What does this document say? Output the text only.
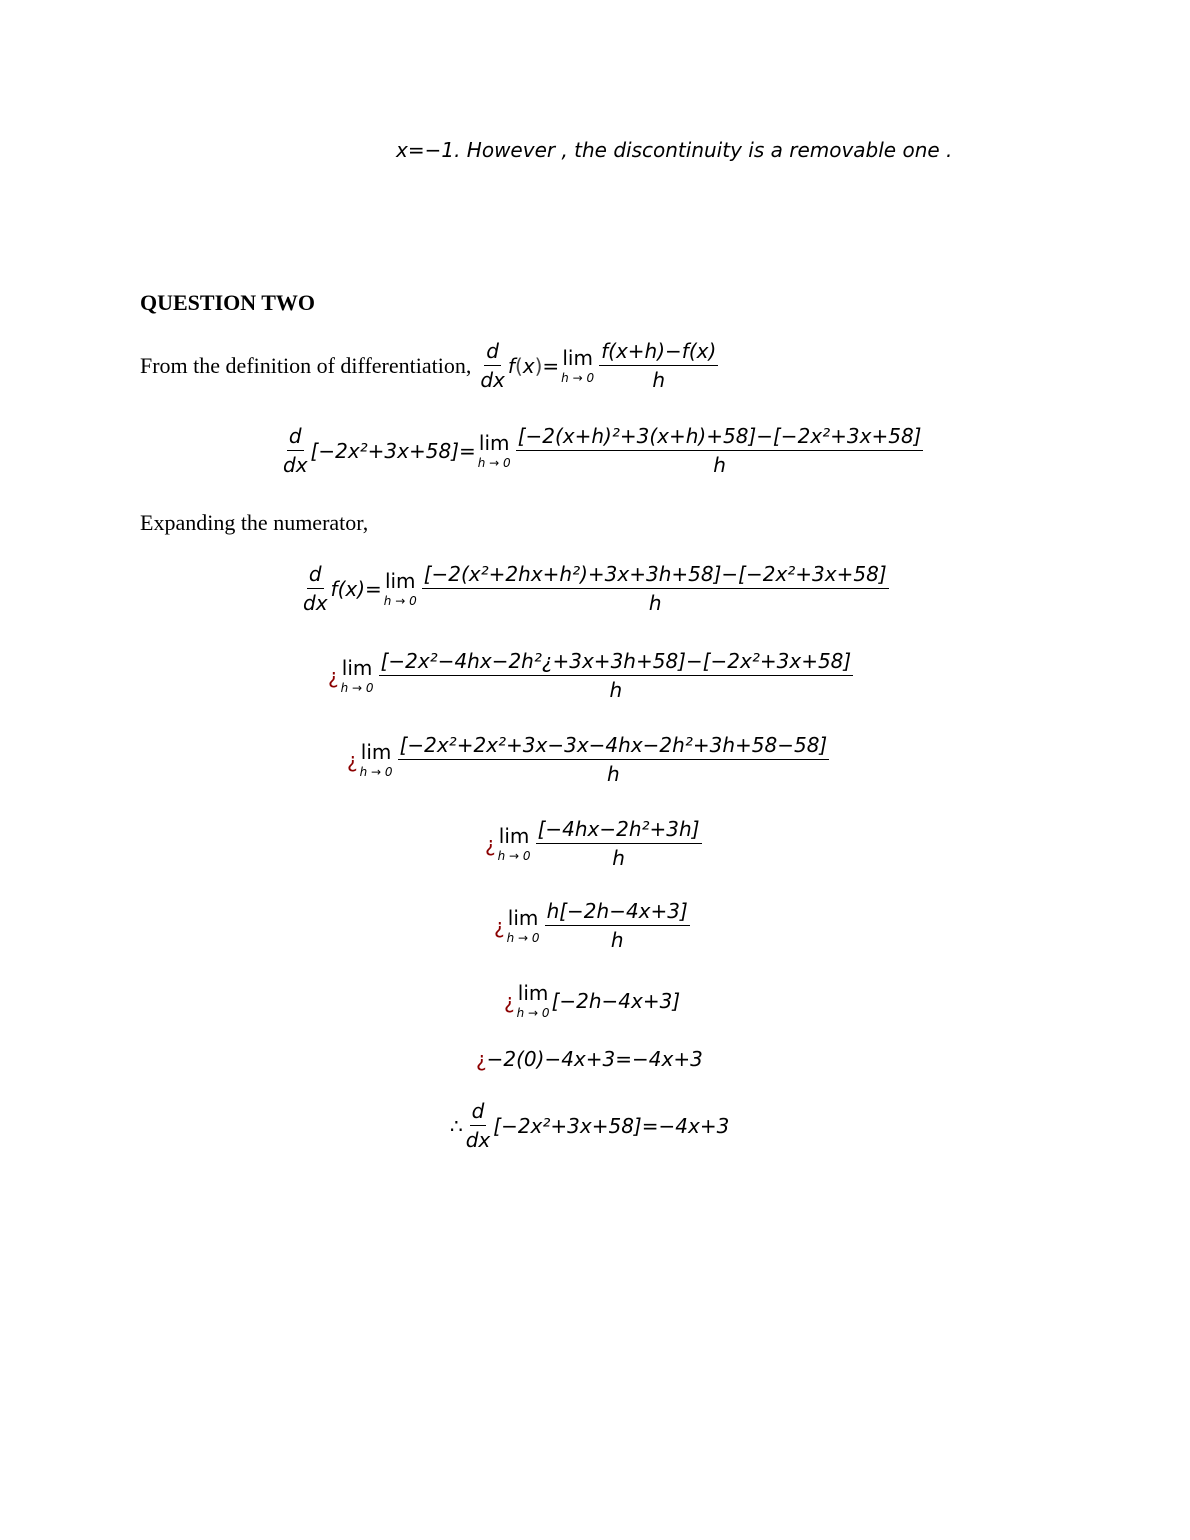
x=−1. However , the discontinuity is a removable one .
QUESTION TWO
From the definition of differentiation, $\frac{d}{dx}$ f ( x ) = lim
$h \to 0 \frac{f(x+h)-f(x)}{h}$
$\frac{d}{dx} [-2x^2+3x+58]= \lim$
$h \to 0 \frac{\text{[−2(x+h)²+3(x+h)+58]−[−2x²+3x+58]}}{h}$
Expanding the numerator,
$\frac{d}{dx} f(x)= \lim$
$h \to 0 \frac{\text{[−2(x²+2hx+h²)+3x+3h+58]−[−2x²+3x+58]}}{h}$
¿ lim
$h \to 0 \frac{\text{[−2x²−4hx−2h²¿+3x+3h+58]−[−2x²+3x+58]}}{h}$
¿ lim
$h \to 0 \frac{\text{[−2x²+2x²+3x−3x−4hx−2h²+3h+58−58]}}{h}$
¿ lim
$h \to 0 \frac{\text{[−4hx−2h²+3h]}}{h}$
¿ lim
$h \to 0 \frac{h[-2h-4x+3]}{h}$
¿ lim
h → 0 [−2h−4x+3]
¿ −2(0)−4x+3=−4x+3
∴ $\frac{d}{dx} [-2x^2+3x+58]= -4x+3$
